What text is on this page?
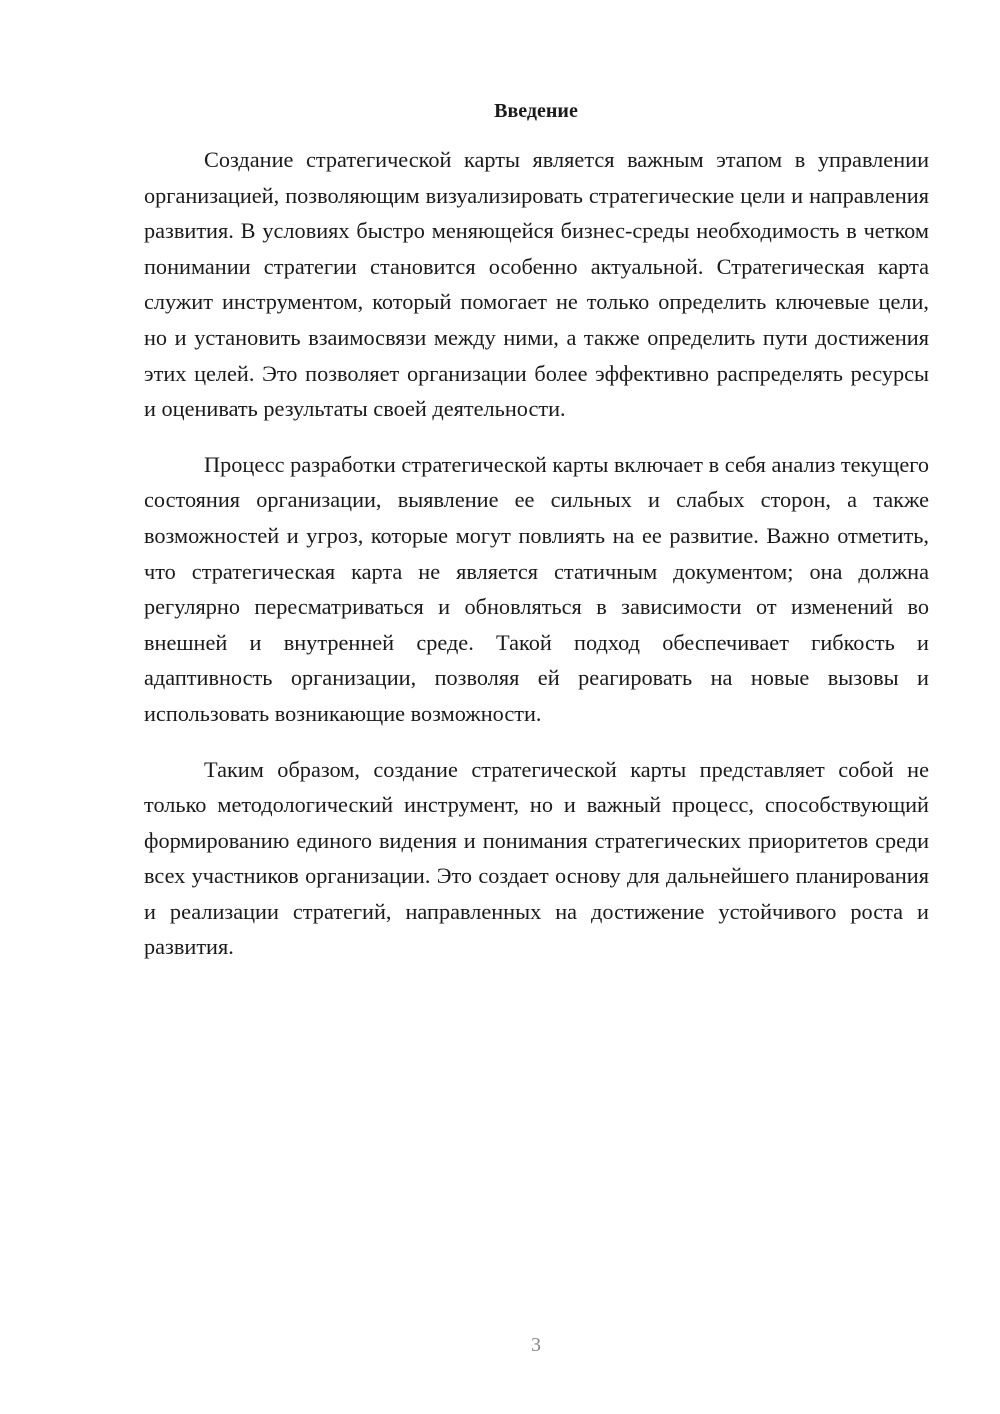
Введение

Создание стратегической карты является важным этапом в управлении организацией, позволяющим визуализировать стратегические цели и направления развития. В условиях быстро меняющейся бизнес-среды необходимость в четком понимании стратегии становится особенно актуальной. Стратегическая карта служит инструментом, который помогает не только определить ключевые цели, но и установить взаимосвязи между ними, а также определить пути достижения этих целей. Это позволяет организации более эффективно распределять ресурсы и оценивать результаты своей деятельности.

Процесс разработки стратегической карты включает в себя анализ текущего состояния организации, выявление ее сильных и слабых сторон, а также возможностей и угроз, которые могут повлиять на ее развитие. Важно отметить, что стратегическая карта не является статичным документом; она должна регулярно пересматриваться и обновляться в зависимости от изменений во внешней и внутренней среде. Такой подход обеспечивает гибкость и адаптивность организации, позволяя ей реагировать на новые вызовы и использовать возникающие возможности.

Таким образом, создание стратегической карты представляет собой не только методологический инструмент, но и важный процесс, способствующий формированию единого видения и понимания стратегических приоритетов среди всех участников организации. Это создает основу для дальнейшего планирования и реализации стратегий, направленных на достижение устойчивого роста и развития.

3
